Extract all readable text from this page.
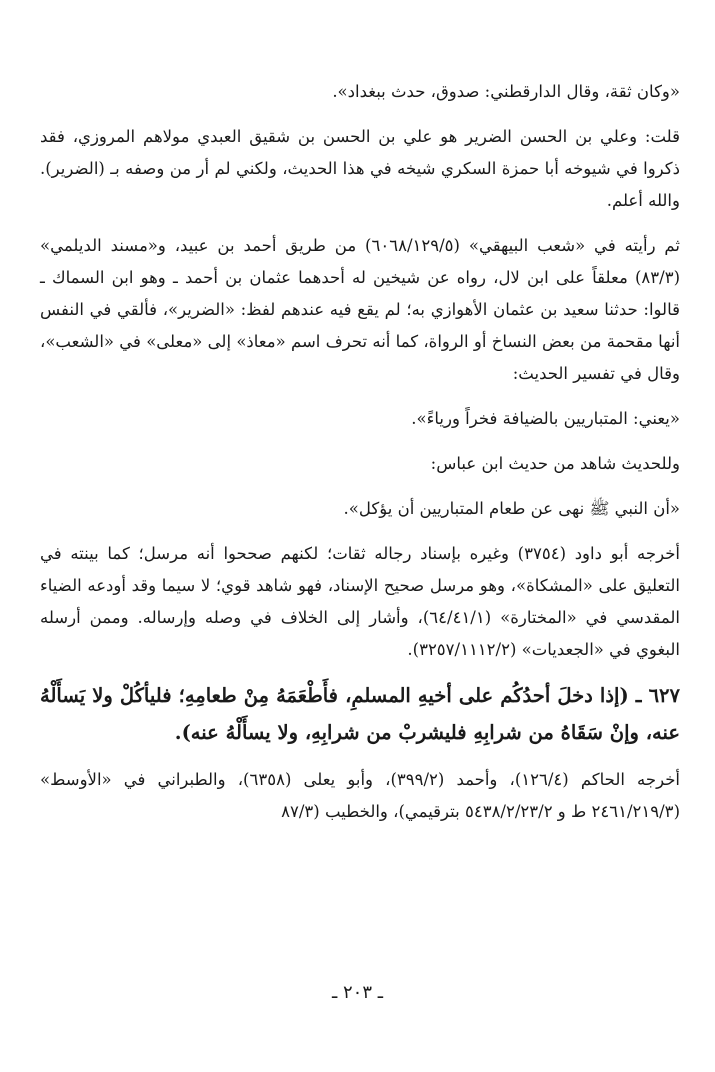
«وكان ثقة، وقال الدارقطني: صدوق، حدث ببغداد».

قلت: وعلي بن الحسن الضرير هو علي بن الحسن بن شقيق العبدي مولاهم المروزي، فقد ذكروا في شيوخه أبا حمزة السكري شيخه في هذا الحديث، ولكني لم أر من وصفه بـ (الضرير). والله أعلم.

ثم رأيته في «شعب البيهقي» (٦٠٦٨/١٢٩/٥) من طريق أحمد بن عبيد، و«مسند الديلمي» (٨٣/٣) معلقاً على ابن لال، رواه عن شيخين له أحدهما عثمان بن أحمد ـ وهو ابن السماك ـ قالوا: حدثنا سعيد بن عثمان الأهوازي به؛ لم يقع فيه عندهم لفظ: «الضرير»، فألقي في النفس أنها مقحمة من بعض النساخ أو الرواة، كما أنه تحرف اسم «معاذ» إلى «معلى» في «الشعب»، وقال في تفسير الحديث:

«يعني: المتباريين بالضيافة فخراً ورياءً».

وللحديث شاهد من حديث ابن عباس:

«أن النبي ﷺ نهى عن طعام المتباريين أن يؤكل».

أخرجه أبو داود (٣٧٥٤) وغيره بإسناد رجاله ثقات؛ لكنهم صححوا أنه مرسل؛ كما بينته في التعليق على «المشكاة»، وهو مرسل صحيح الإسناد، فهو شاهد قوي؛ لا سيما وقد أودعه الضياء المقدسي في «المختارة» (٦٤/٤١/١)، وأشار إلى الخلاف في وصله وإرساله. وممن أرسله البغوي في «الجعديات» (٣٢٥٧/١١١٢/٢).

٦٢٧ ـ (إذا دخلَ أحدُكُم على أخيهِ المسلمِ، فأَطْعَمَهُ مِنْ طعامِهِ؛ فليأكُلْ ولا يَسأَلْهُ عنه، وإنْ سَقَاهُ من شرابِهِ فليشربْ من شرابِهِ، ولا يسأَلْهُ عنه).

أخرجه الحاكم (١٢٦/٤)، وأحمد (٣٩٩/٢)، وأبو يعلى (٦٣٥٨)، والطبراني في «الأوسط» (٢٤٦١/٢١٩/٣ ط و ٥٤٣٨/٢/٢٣/٢ بترقيمي)، والخطيب (٨٧/٣

ـ ٢٠٣ ـ
